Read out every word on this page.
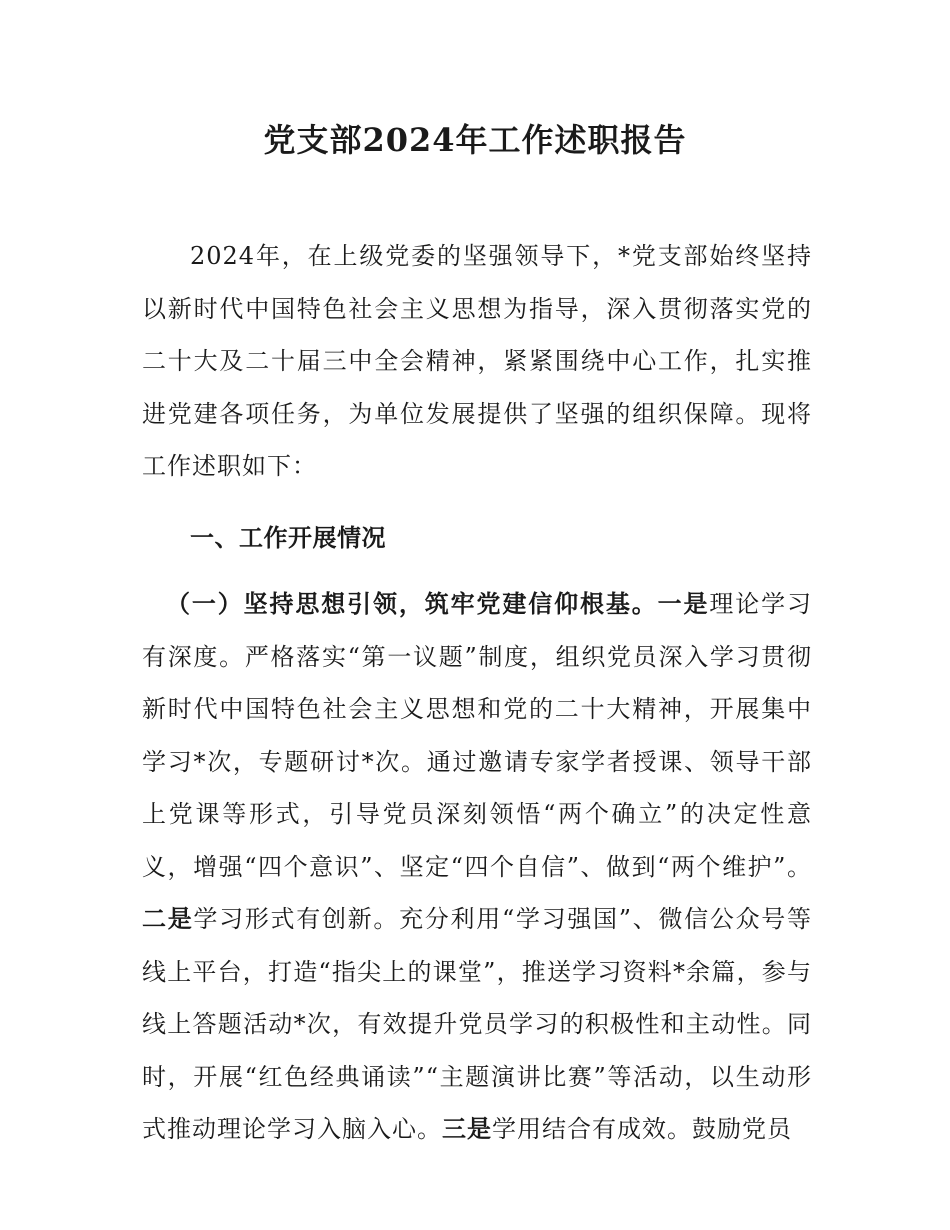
党支部2024年工作述职报告

2024年，在上级党委的坚强领导下，*党支部始终坚持以新时代中国特色社会主义思想为指导，深入贯彻落实党的二十大及二十届三中全会精神，紧紧围绕中心工作，扎实推进党建各项任务，为单位发展提供了坚强的组织保障。现将工作述职如下：

一、工作开展情况

（一）坚持思想引领，筑牢党建信仰根基。一是理论学习有深度。严格落实“第一议题”制度，组织党员深入学习贯彻新时代中国特色社会主义思想和党的二十大精神，开展集中学习*次，专题研讨*次。通过邀请专家学者授课、领导干部上党课等形式，引导党员深刻领悟“两个确立”的决定性意义，增强“四个意识”、坚定“四个自信”、做到“两个维护”。二是学习形式有创新。充分利用“学习强国”、微信公众号等线上平台，打造“指尖上的课堂”，推送学习资料*余篇，参与线上答题活动*次，有效提升党员学习的积极性和主动性。同时，开展“红色经典诵读”“主题演讲比赛”等活动，以生动形式推动理论学习入脑入心。三是学用结合有成效。鼓励党员
